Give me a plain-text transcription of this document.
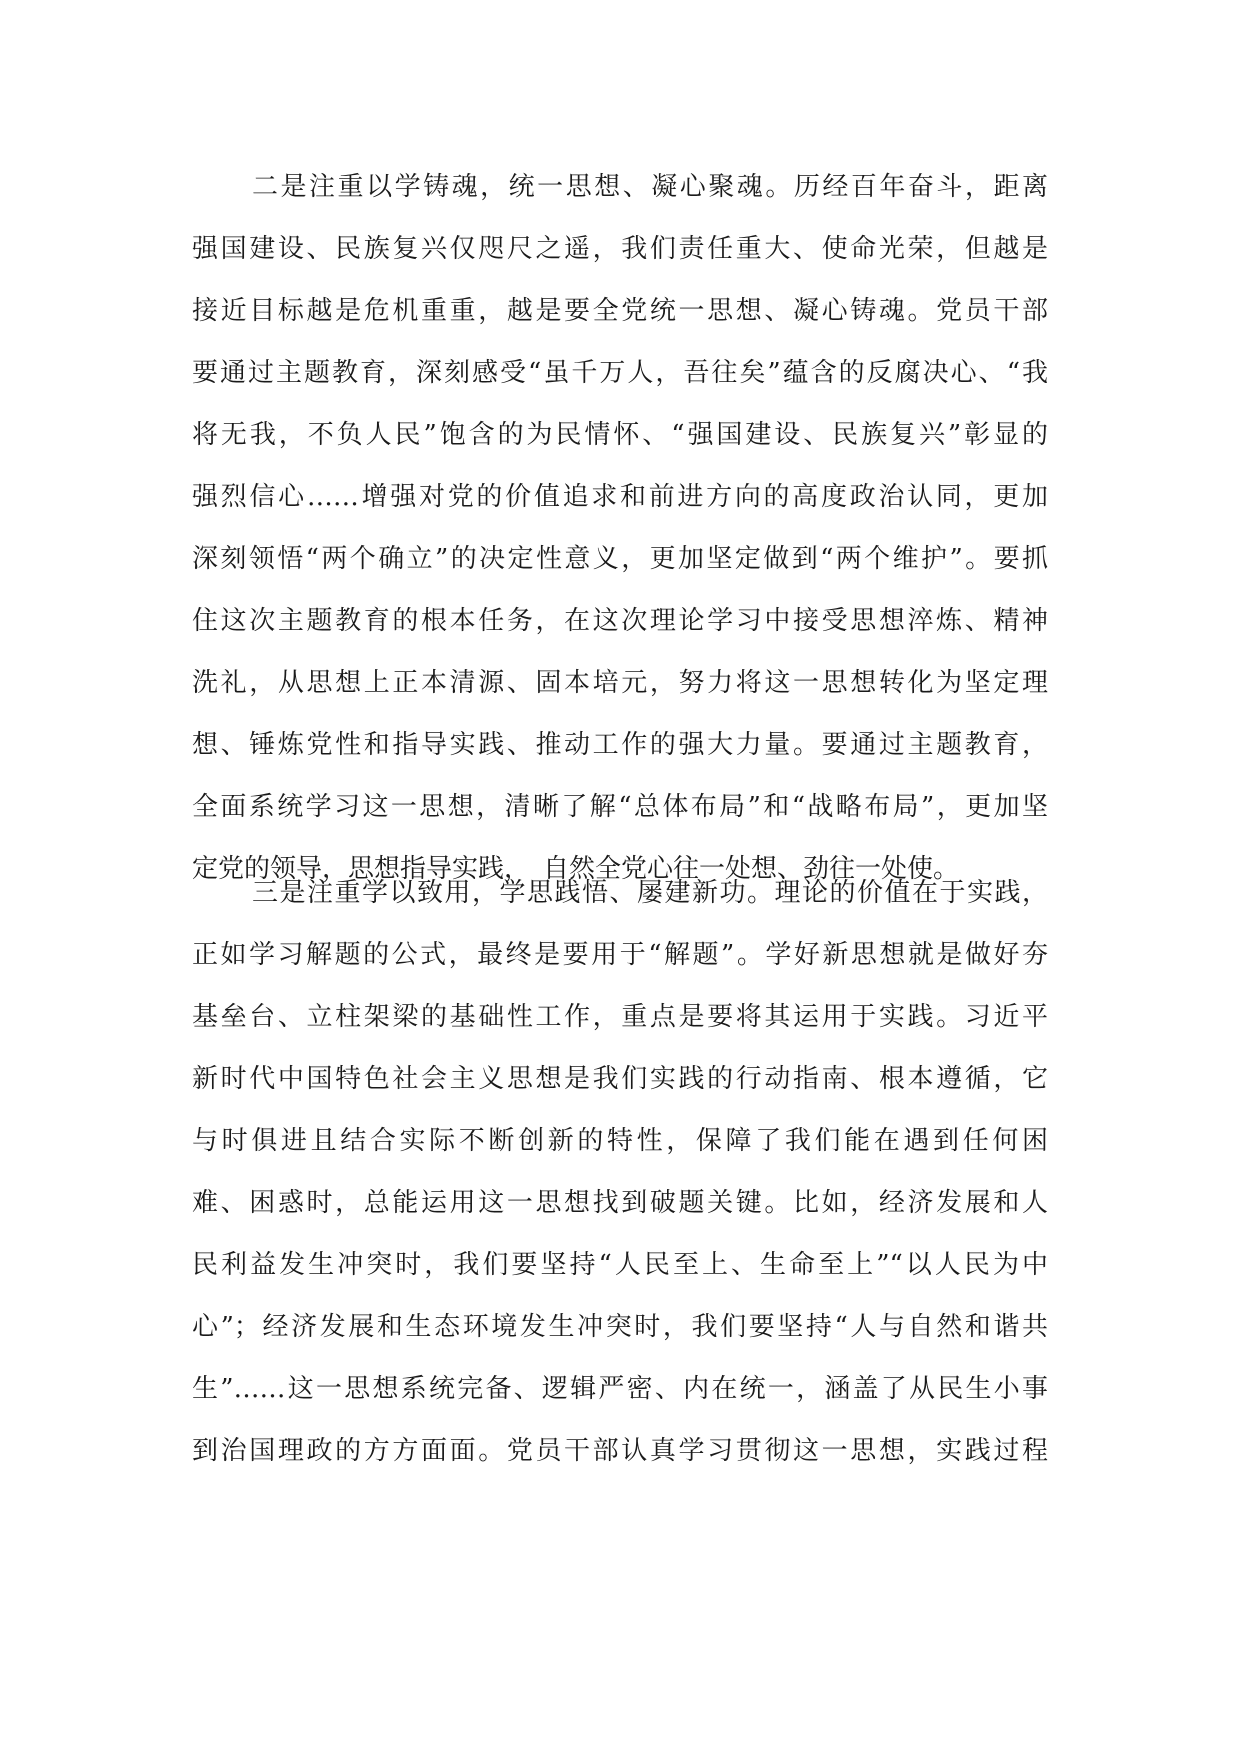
二是注重以学铸魂，统一思想、凝心聚魂。历经百年奋斗，距离
强国建设、民族复兴仅咫尺之遥，我们责任重大、使命光荣，但越是
接近目标越是危机重重，越是要全党统一思想、凝心铸魂。党员干部
要通过主题教育，深刻感受“虽千万人，吾往矣”蕴含的反腐决心、“我
将无我，不负人民”饱含的为民情怀、“强国建设、民族复兴”彰显的
强烈信心……增强对党的价值追求和前进方向的高度政治认同，更加
深刻领悟“两个确立”的决定性意义，更加坚定做到“两个维护”。要抓
住这次主题教育的根本任务，在这次理论学习中接受思想淬炼、精神
洗礼，从思想上正本清源、固本培元，努力将这一思想转化为坚定理
想、锤炼党性和指导实践、推动工作的强大力量。要通过主题教育，
全面系统学习这一思想，清晰了解“总体布局”和“战略布局”，更加坚
定党的领导，思想指导实践，　自然全党心往一处想、劲往一处使。
三是注重学以致用，学思践悟、屡建新功。理论的价值在于实践，
正如学习解题的公式，最终是要用于“解题”。学好新思想就是做好夯
基垒台、立柱架梁的基础性工作，重点是要将其运用于实践。习近平
新时代中国特色社会主义思想是我们实践的行动指南、根本遵循，它
与时俱进且结合实际不断创新的特性，保障了我们能在遇到任何困
难、困惑时，总能运用这一思想找到破题关键。比如，经济发展和人
民利益发生冲突时，我们要坚持“人民至上、生命至上”“以人民为中
心”；经济发展和生态环境发生冲突时，我们要坚持“人与自然和谐共
生”……这一思想系统完备、逻辑严密、内在统一，涵盖了从民生小事
到治国理政的方方面面。党员干部认真学习贯彻这一思想，实践过程
